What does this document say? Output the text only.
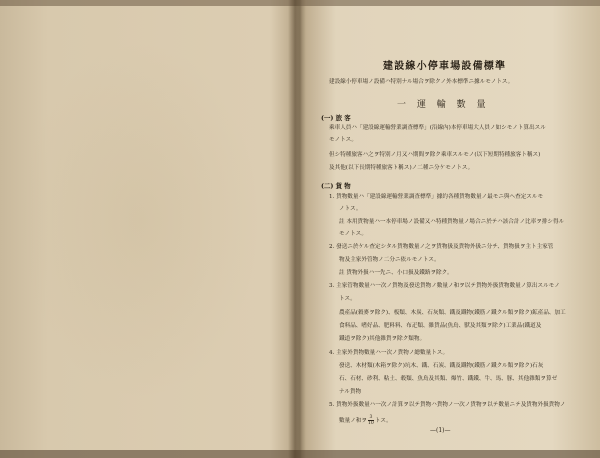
建設線小停車場設備標準
建設線小停車場ノ設備ハ特別ナル場合ヲ除クノ外本標準ニ據ルモノトス。
一 運 輸 數 量
(一) 旅 客
乘車人員ハ「建設線運輸營業調査標準」(沿線內)本停車場大人員ノ如シモノト算出スル
モノトス。
但シ特種旅客ハ之ヲ特別ノ月又ハ期間ヲ除ク乘車スルモノ(以下短期特種旅客ト稱ス)
及其他(以下長期特種旅客ト稱ス)ノ二種ニ分ケモノトス。
(二) 貨 物
1. 貨物數量ハ「建設線運輸營業調査標準」據約各種貨物數量ノ最モニ與ヘ查定スルモ
ノトス。
註 本用貨物量ハ一本停車場ノ設備又ハ特種貨物量ノ場合ニ於テハ該合計ノ比率ヲ排シ得ル
モノトス。
2. 發送ニ於ケル查定シタル貨物數量ノ之ヲ貨物扱及貨物外扱ニ分チ、貨物扱ヲ主ト主家管
物及主家外管物ノ二分ニ依ルモノトス。
註 貨物外扱ハ一先ニ、小口扱及鐵路ヲ除ク。
3. 主家管物數量ハ一次ノ貨物及發送貨物ノ數量ノ和ヲ以テ貨物外扱貨物數量ノ算出スルモノ
トス。
農產品(穀麥ヲ除ク)、板類、木炭、石灰類、鐵及鐵物(鐵筋ノ鐵クル類ヲ除ク)鉱產品、加工
食料品、嗜好品、肥料料、布疋類、雜貨品(魚鳥、獸及其類ヲ除ク)工業品(鐵道及
鐵道ヲ除ク)其他雜貨ヲ除ク類物。
4. 主家外貨物數量ハ一次ノ貨物ノ總數量トス。
發送、木材類(木箱ヲ除ク)坑木、鐵、石炭、鐵及鐵物(鐵筋ノ鐵クル類ヲ除ク)石灰
石、石材、砂利、粘土、穀類、魚鳥及其類、爆竹、鐵鐵、牛、馬、豚、其他雜類ヲ算ゼ
ナル貨物
5. 貨物外扱數量ハ一次ノ計算ヲ以テ貨物ハ貨物ノ一次ノ貨物ヲ以テ數量ニテ及貨物外扱貨物ノ
數量ノ和ヲ $\frac{3}{10}$ トス。
—(1)—
